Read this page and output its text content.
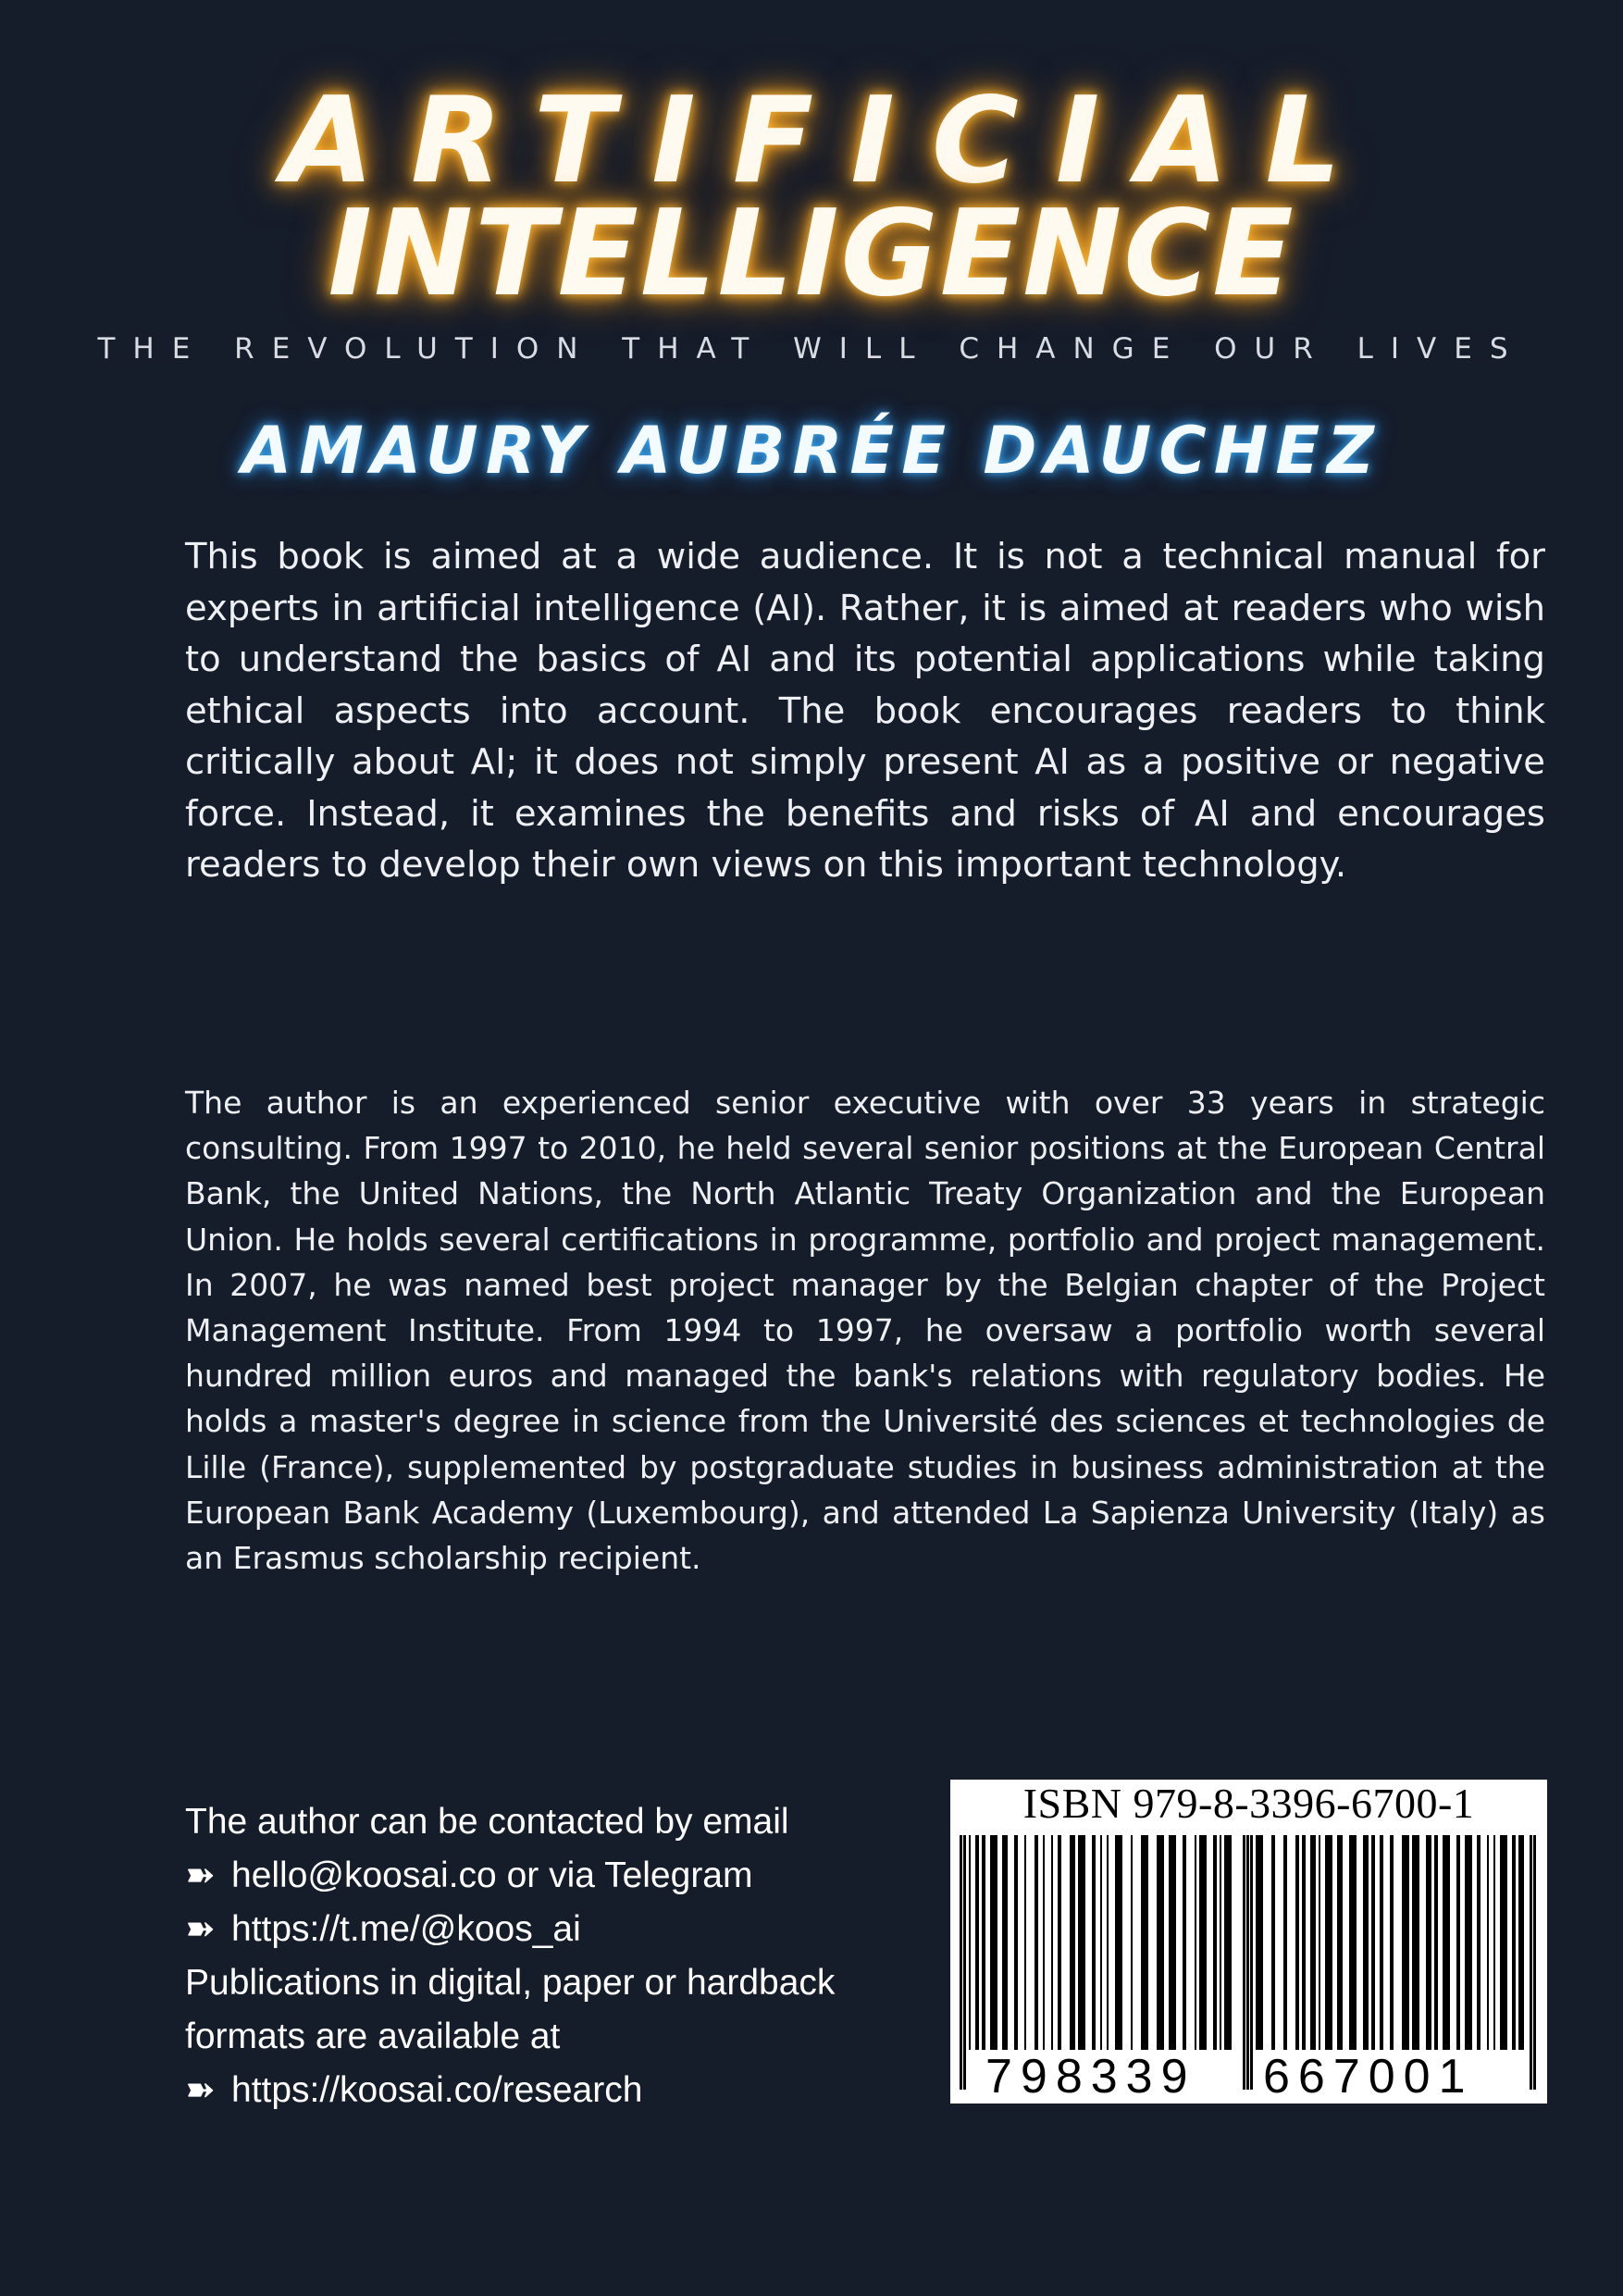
ARTIFICIAL
INTELLIGENCE

THE REVOLUTION THAT WILL CHANGE OUR LIVES

AMAURY AUBRÉE DAUCHEZ

This book is aimed at a wide audience. It is not a technical manual for experts in artificial intelligence (AI). Rather, it is aimed at readers who wish to understand the basics of AI and its potential applications while taking ethical aspects into account. The book encourages readers to think critically about AI; it does not simply present AI as a positive or negative force. Instead, it examines the benefits and risks of AI and encourages readers to develop their own views on this important technology.

The author is an experienced senior executive with over 33 years in strategic consulting. From 1997 to 2010, he held several senior positions at the European Central Bank, the United Nations, the North Atlantic Treaty Organization and the European Union. He holds several certifications in programme, portfolio and project management. In 2007, he was named best project manager by the Belgian chapter of the Project Management Institute. From 1994 to 1997, he oversaw a portfolio worth several hundred million euros and managed the bank's relations with regulatory bodies. He holds a master's degree in science from the Université des sciences et technologies de Lille (France), supplemented by postgraduate studies in business administration at the European Bank Academy (Luxembourg), and attended La Sapienza University (Italy) as an Erasmus scholarship recipient.

The author can be contacted by email
➽ hello@koosai.co or via Telegram
➽ https://t.me/@koos_ai
Publications in digital, paper or hardback
formats are available at
➽ https://koosai.co/research
ISBN 979-8-3396-6700-1
798339 667001
